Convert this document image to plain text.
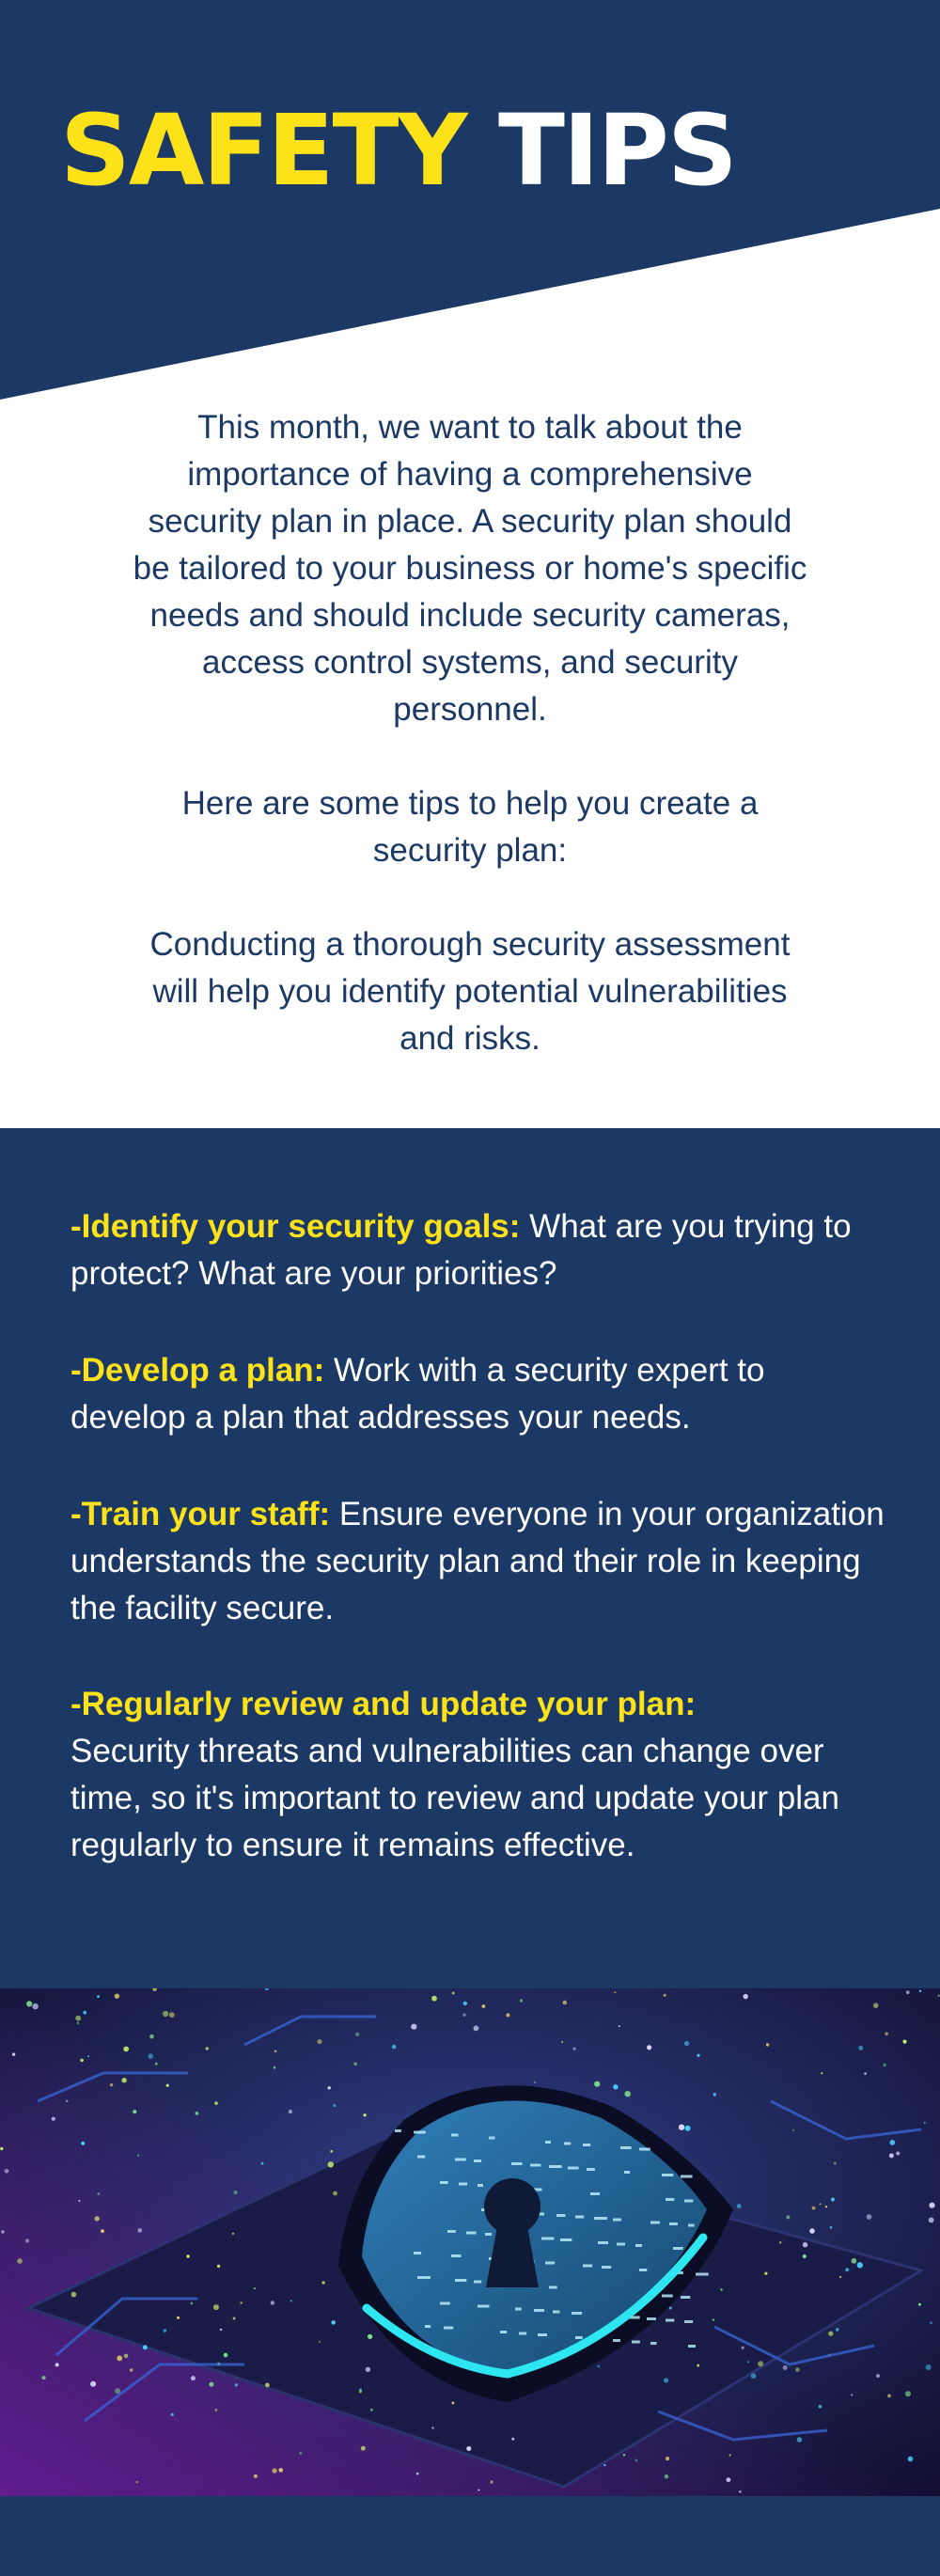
SAFETY TIPS

This month, we want to talk about the importance of having a comprehensive security plan in place. A security plan should be tailored to your business or home's specific needs and should include security cameras, access control systems, and security personnel.

Here are some tips to help you create a security plan:

Conducting a thorough security assessment will help you identify potential vulnerabilities and risks.

-Identify your security goals: What are you trying to protect? What are your priorities?

-Develop a plan: Work with a security expert to develop a plan that addresses your needs.

-Train your staff: Ensure everyone in your organization understands the security plan and their role in keeping the facility secure.

-Regularly review and update your plan:
Security threats and vulnerabilities can change over time, so it's important to review and update your plan regularly to ensure it remains effective.
